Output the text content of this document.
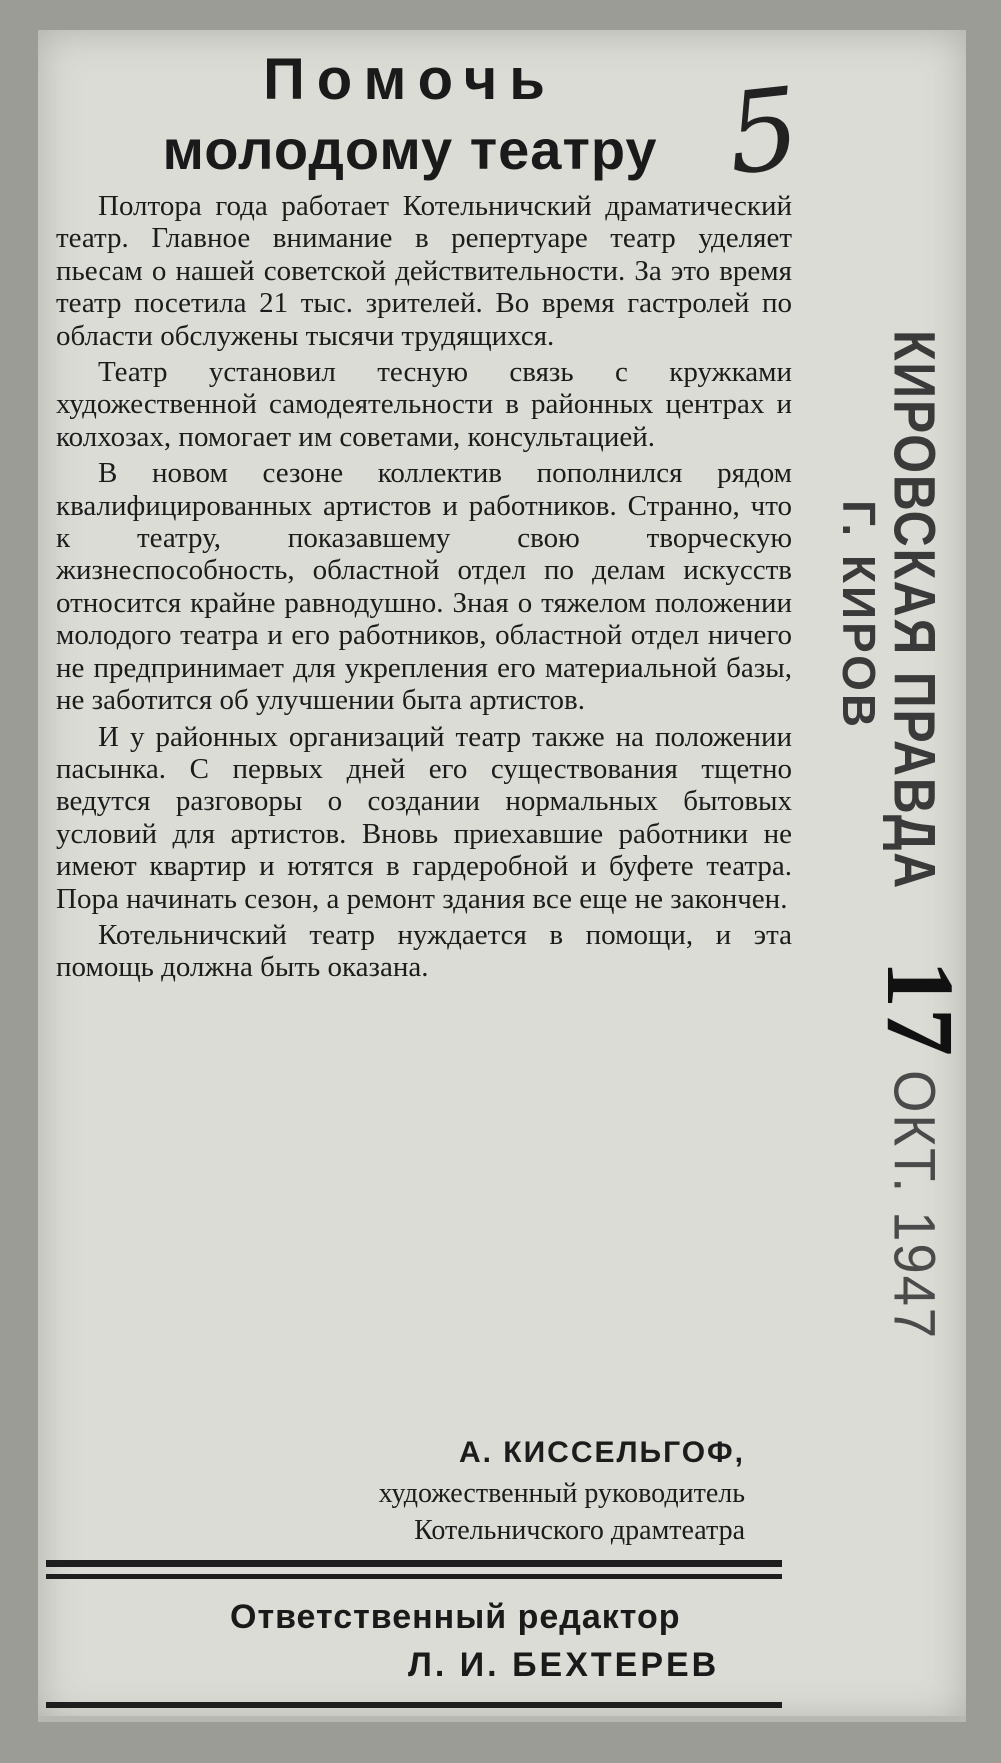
Помочь
молодому театру 5

Полтора года работает Котельничский драматический театр. Главное внимание в репертуаре театр уделяет пьесам о нашей советской действительности. За это время театр посетила 21 тыс. зрителей. Во время гастролей по области обслужены тысячи трудящихся.

Театр установил тесную связь с кружками художественной самодеятельности в районных центрах и колхозах, помогает им советами, консультацией.

В новом сезоне коллектив пополнился рядом квалифицированных артистов и работников. Странно, что к театру, показавшему свою творческую жизнеспособность, областной отдел по делам искусств относится крайне равнодушно. Зная о тяжелом положении молодого театра и его работников, областной отдел ничего не предпринимает для укрепления его материальной базы, не заботится об улучшении быта артистов.

И у районных организаций театр также на положении пасынка. С первых дней его существования тщетно ведутся разговоры о создании нормальных бытовых условий для артистов. Вновь приехавшие работники не имеют квартир и ютятся в гардеробной и буфете театра. Пора начинать сезон, а ремонт здания все еще не закончен.

Котельничский театр нуждается в помощи, и эта помощь должна быть оказана.

А. КИССЕЛЬГОФ,
художественный руководитель
Котельничского драмтеатра
Ответственный редактор
Л. И. БЕХТЕРЕВ
КИРОВСКАЯ ПРАВДА
Г. КИРОВ
17
ОКТ. 1947
